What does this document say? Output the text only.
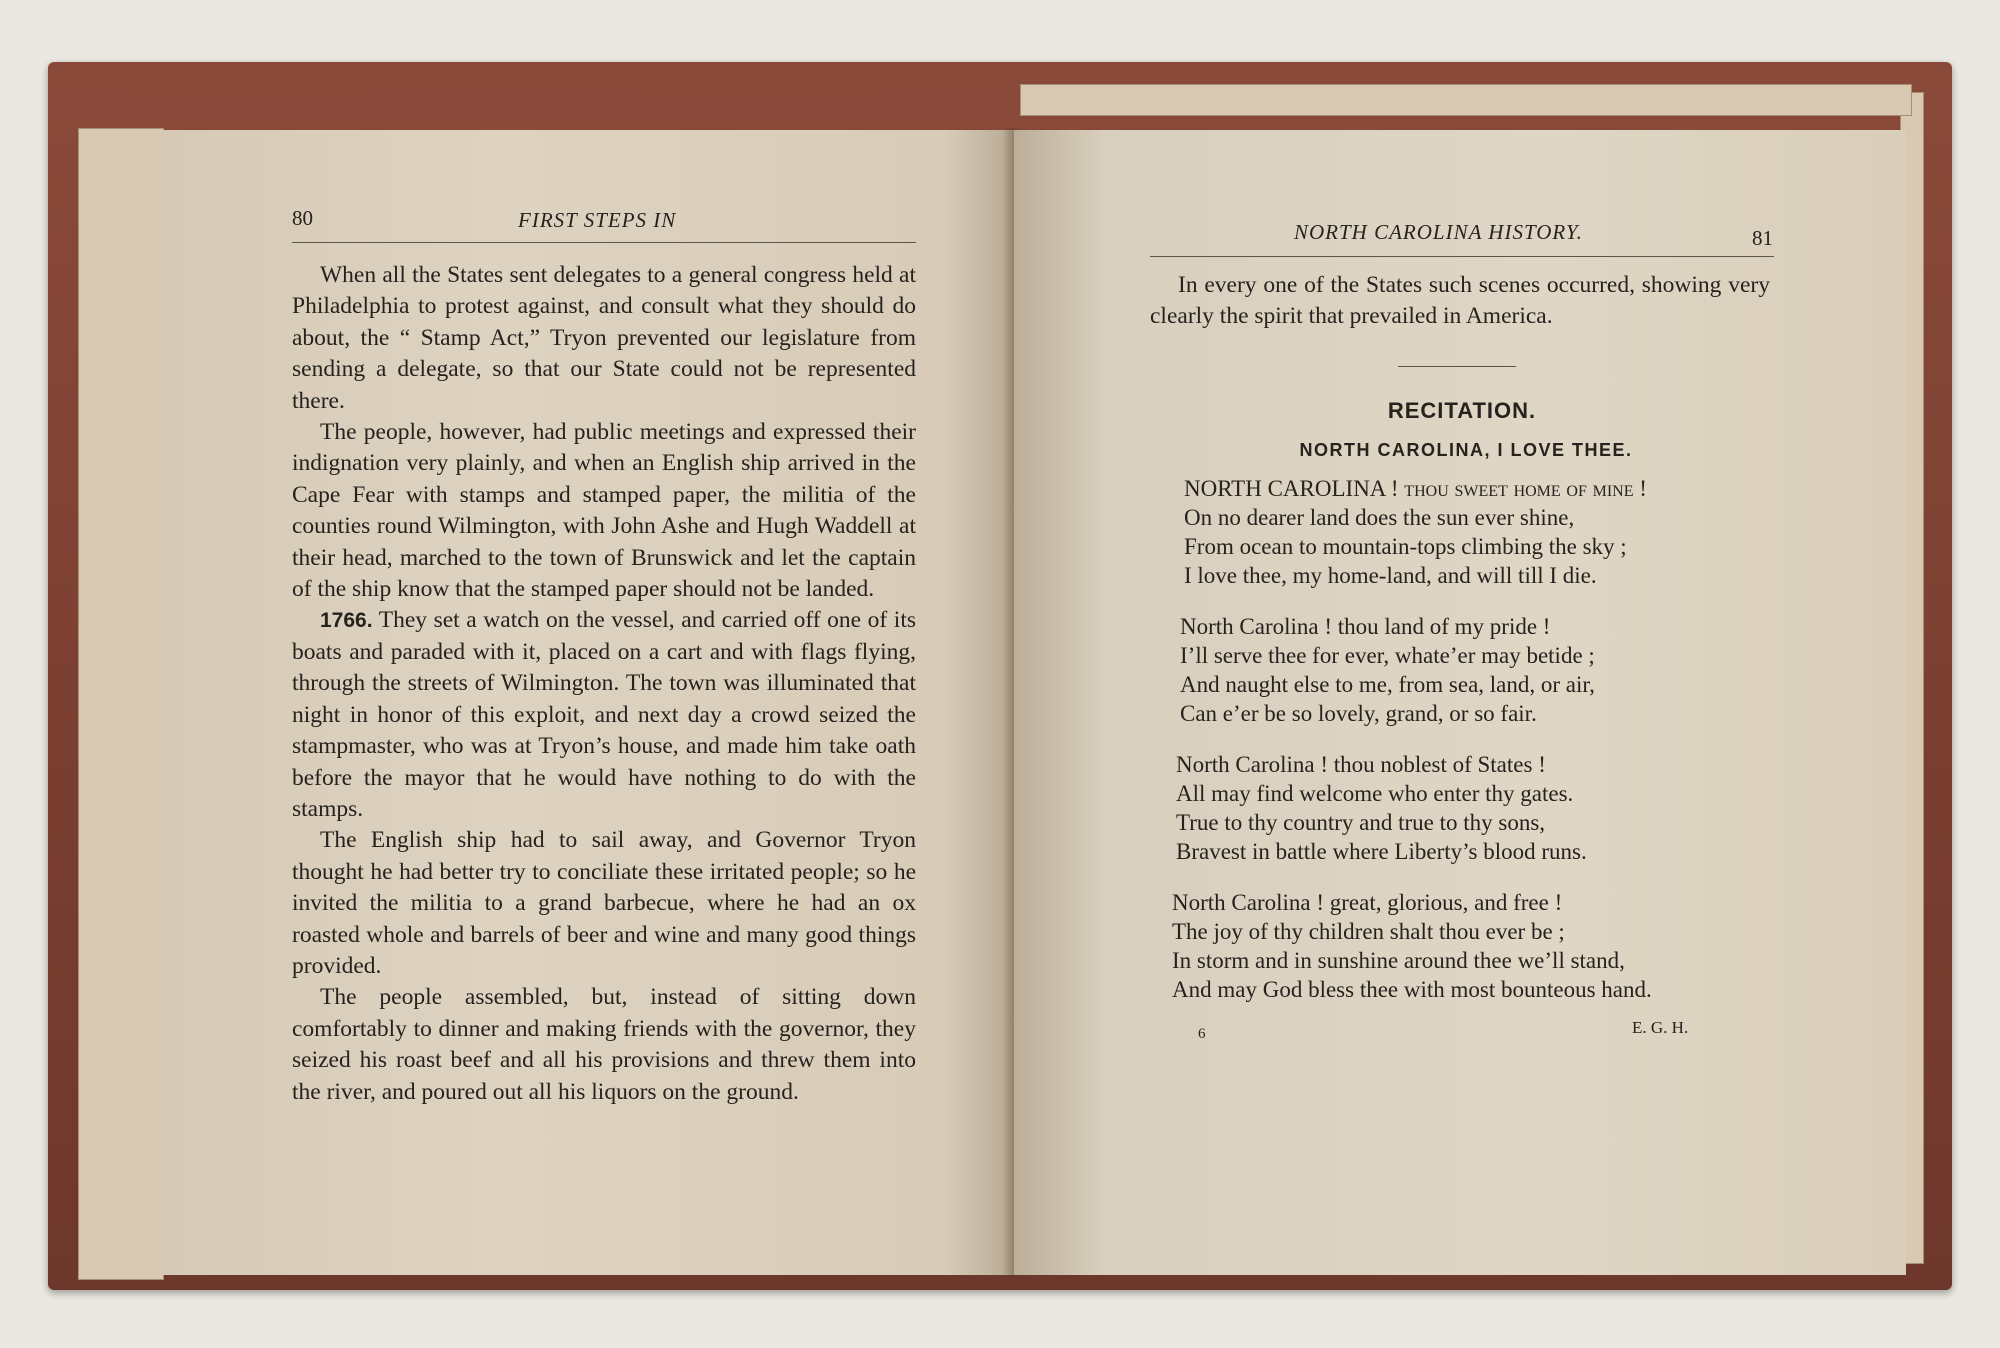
80	FIRST STEPS IN

When all the States sent delegates to a general congress held at Philadelphia to protest against, and consult what they should do about, the “ Stamp Act,” Tryon prevented our legislature from sending a delegate, so that our State could not be represented there.

The people, however, had public meetings and expressed their indignation very plainly, and when an English ship arrived in the Cape Fear with stamps and stamped paper, the militia of the counties round Wilmington, with John Ashe and Hugh Waddell at their head, marched to the town of Brunswick and let the captain of the ship know that the stamped paper should not be landed.

1766. They set a watch on the vessel, and carried off one of its boats and paraded with it, placed on a cart and with flags flying, through the streets of Wilmington. The town was illuminated that night in honor of this exploit, and next day a crowd seized the stampmaster, who was at Tryon’s house, and made him take oath before the mayor that he would have nothing to do with the stamps.

The English ship had to sail away, and Governor Tryon thought he had better try to conciliate these irritated people; so he invited the militia to a grand barbecue, where he had an ox roasted whole and barrels of beer and wine and many good things provided.

The people assembled, but, instead of sitting down comfortably to dinner and making friends with the governor, they seized his roast beef and all his provisions and threw them into the river, and poured out all his liquors on the ground.

NORTH CAROLINA HISTORY.	81

In every one of the States such scenes occurred, showing very clearly the spirit that prevailed in America.

RECITATION.
NORTH CAROLINA, I LOVE THEE.
NORTH CAROLINA ! thou sweet home of mine !
On no dearer land does the sun ever shine,
From ocean to mountain-tops climbing the sky ;
I love thee, my home-land, and will till I die.
North Carolina ! thou land of my pride !
I’ll serve thee for ever, whate’er may betide ;
And naught else to me, from sea, land, or air,
Can e’er be so lovely, grand, or so fair.
North Carolina ! thou noblest of States !
All may find welcome who enter thy gates.
True to thy country and true to thy sons,
Bravest in battle where Liberty’s blood runs.
North Carolina ! great, glorious, and free !
The joy of thy children shalt thou ever be ;
In storm and in sunshine around thee we’ll stand,
And may God bless thee with most bounteous hand.
E. G. H.
6
